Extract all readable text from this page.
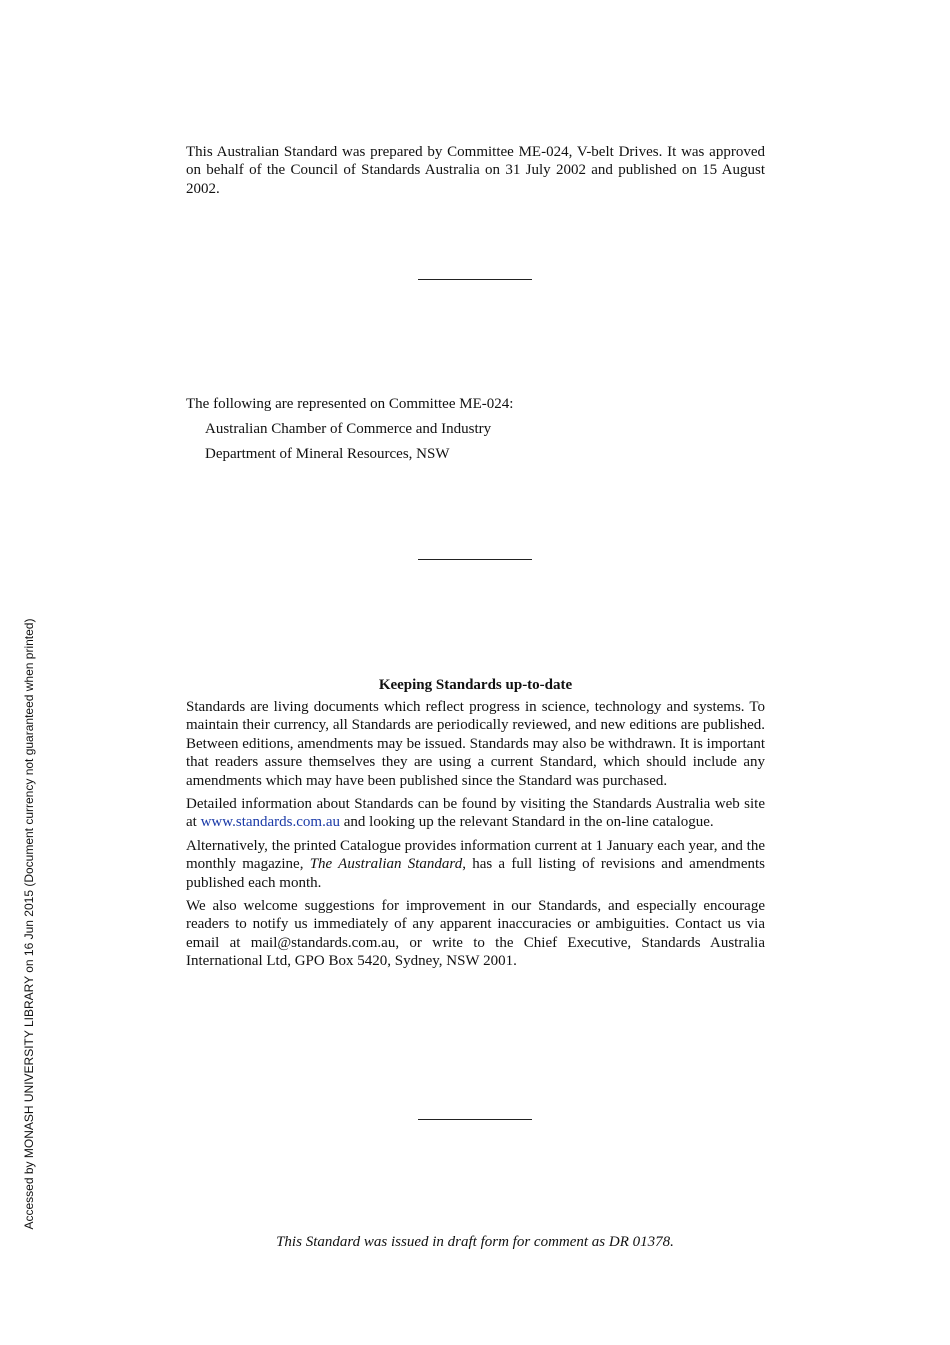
This Australian Standard was prepared by Committee ME-024, V-belt Drives. It was approved on behalf of the Council of Standards Australia on 31 July 2002 and published on 15 August 2002.

The following are represented on Committee ME-024:

Australian Chamber of Commerce and Industry
Department of Mineral Resources, NSW
Keeping Standards up-to-date

Standards are living documents which reflect progress in science, technology and systems. To maintain their currency, all Standards are periodically reviewed, and new editions are published. Between editions, amendments may be issued. Standards may also be withdrawn. It is important that readers assure themselves they are using a current Standard, which should include any amendments which may have been published since the Standard was purchased.

Detailed information about Standards can be found by visiting the Standards Australia web site at www.standards.com.au and looking up the relevant Standard in the on-line catalogue.

Alternatively, the printed Catalogue provides information current at 1 January each year, and the monthly magazine, The Australian Standard, has a full listing of revisions and amendments published each month.

We also welcome suggestions for improvement in our Standards, and especially encourage readers to notify us immediately of any apparent inaccuracies or ambiguities. Contact us via email at mail@standards.com.au, or write to the Chief Executive, Standards Australia International Ltd, GPO Box 5420, Sydney, NSW 2001.

This Standard was issued in draft form for comment as DR 01378.
Accessed by MONASH UNIVERSITY LIBRARY on 16 Jun 2015 (Document currency not guaranteed when printed)
